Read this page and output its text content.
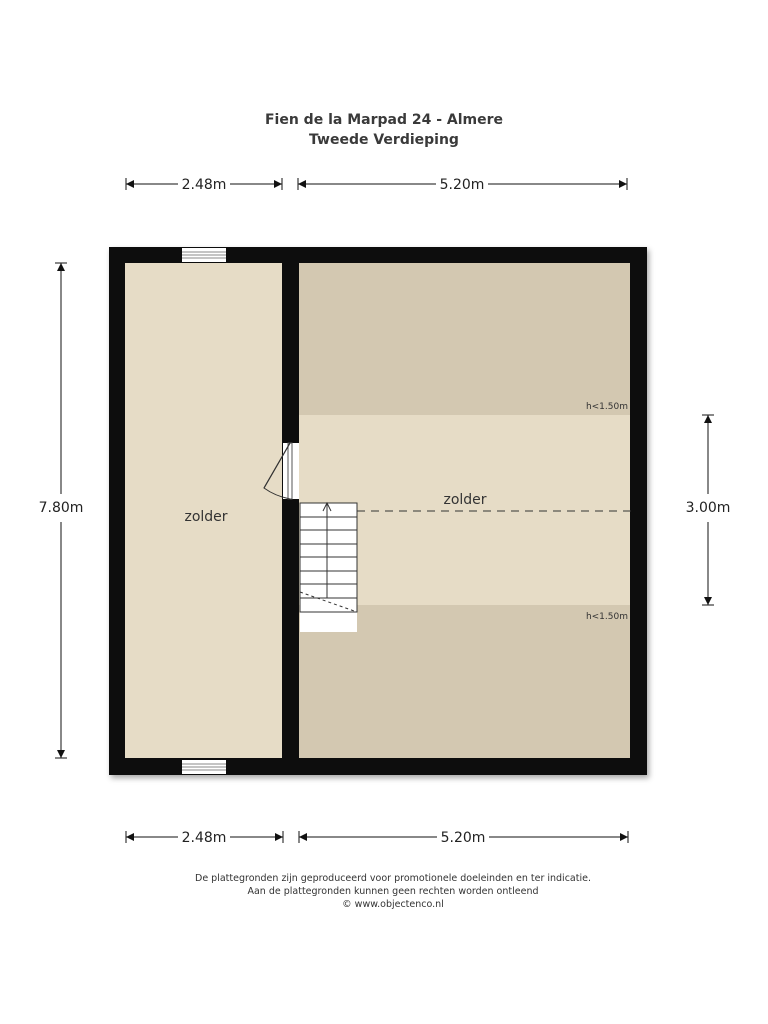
Fien de la Marpad 24 - Almere
Tweede Verdieping
2.48m	5.20m
2.48m	5.20m
7.80m	3.00m
zolder
zolder
h<1.50m
h<1.50m
De plattegronden zijn geproduceerd voor promotionele doeleinden en ter indicatie.
Aan de plattegronden kunnen geen rechten worden ontleend
© www.objectenco.nl
